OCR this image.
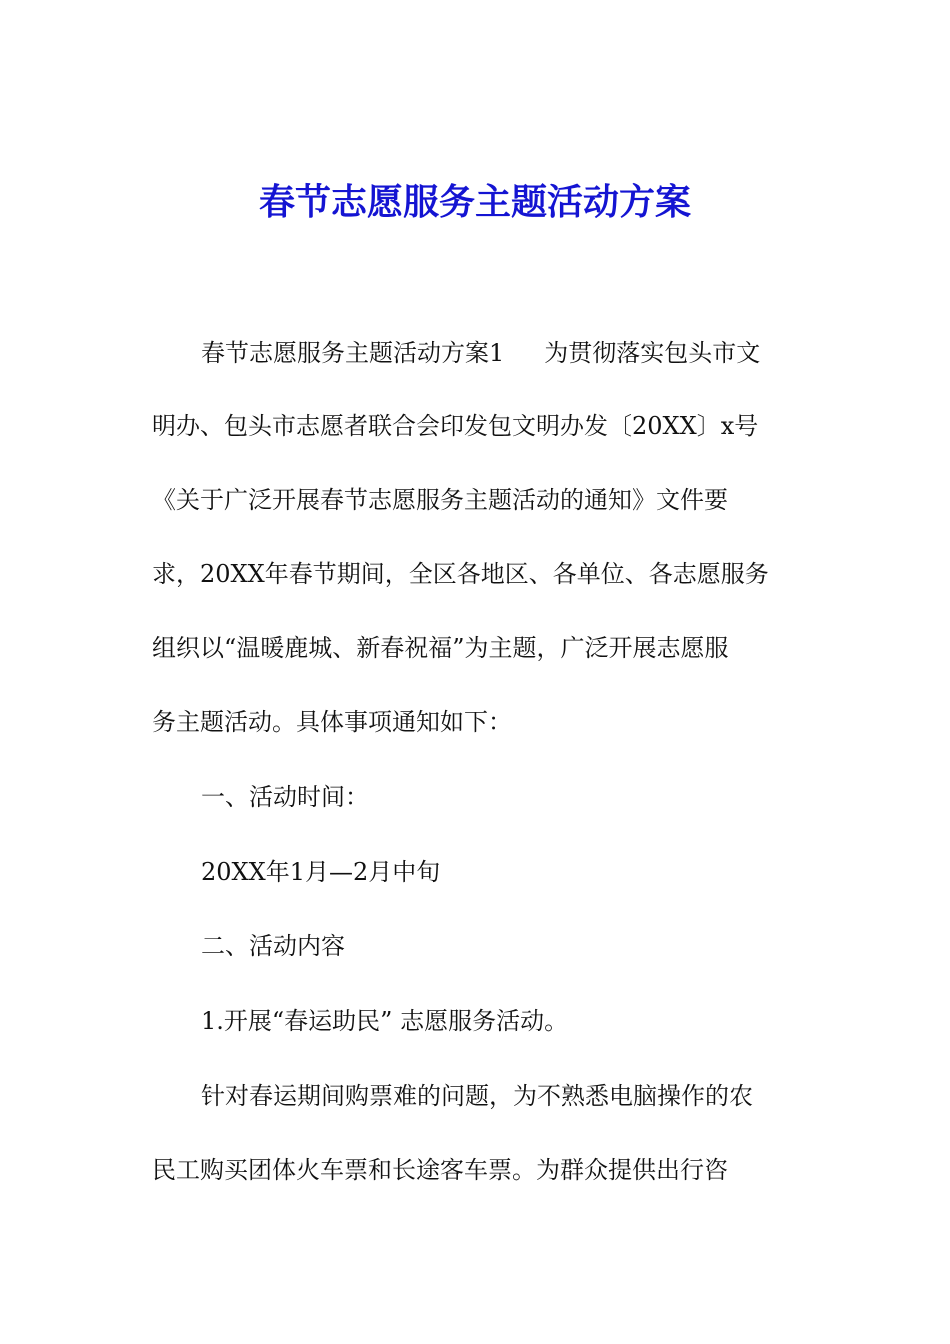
春节志愿服务主题活动方案

春节志愿服务主题活动方案1 为贯彻落实包头市文

明办、包头市志愿者联合会印发包文明办发〔20XX〕x号

《关于广泛开展春节志愿服务主题活动的通知》文件要

求，20XX年春节期间，全区各地区、各单位、各志愿服务

组织以“温暖鹿城、新春祝福”为主题，广泛开展志愿服

务主题活动。具体事项通知如下：

一、活动时间：

20XX年1月—2月中旬

二、活动内容

1.开展“春运助民” 志愿服务活动。

针对春运期间购票难的问题，为不熟悉电脑操作的农

民工购买团体火车票和长途客车票。为群众提供出行咨
